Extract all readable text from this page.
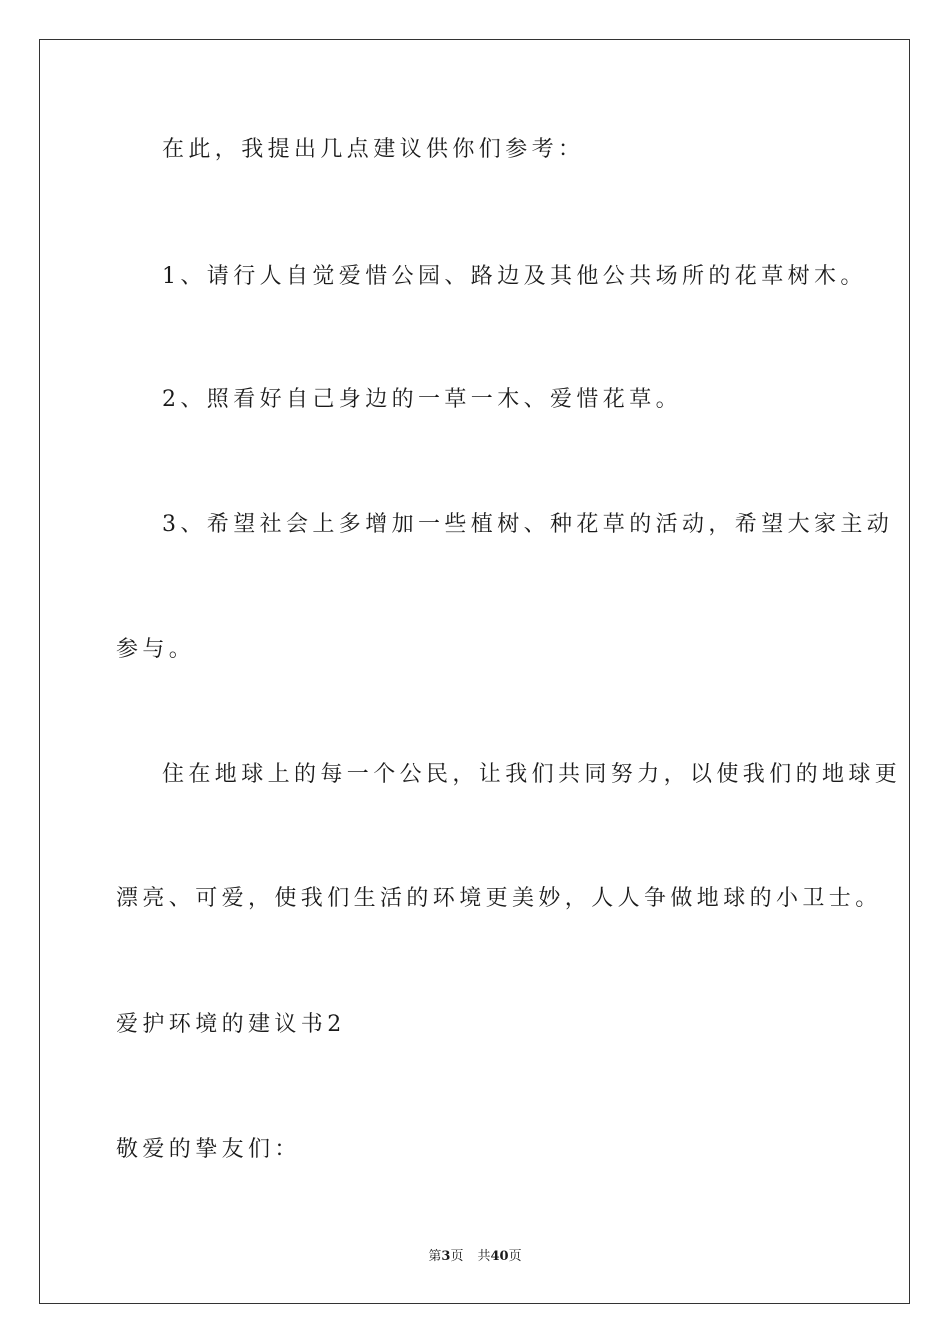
在此，我提出几点建议供你们参考：
1、请行人自觉爱惜公园、路边及其他公共场所的花草树木。
2、照看好自己身边的一草一木、爱惜花草。
3、希望社会上多增加一些植树、种花草的活动，希望大家主动
参与。
住在地球上的每一个公民，让我们共同努力，以使我们的地球更
漂亮、可爱，使我们生活的环境更美妙，人人争做地球的小卫士。
爱护环境的建议书2
敬爱的挚友们：
第3页 共40页
